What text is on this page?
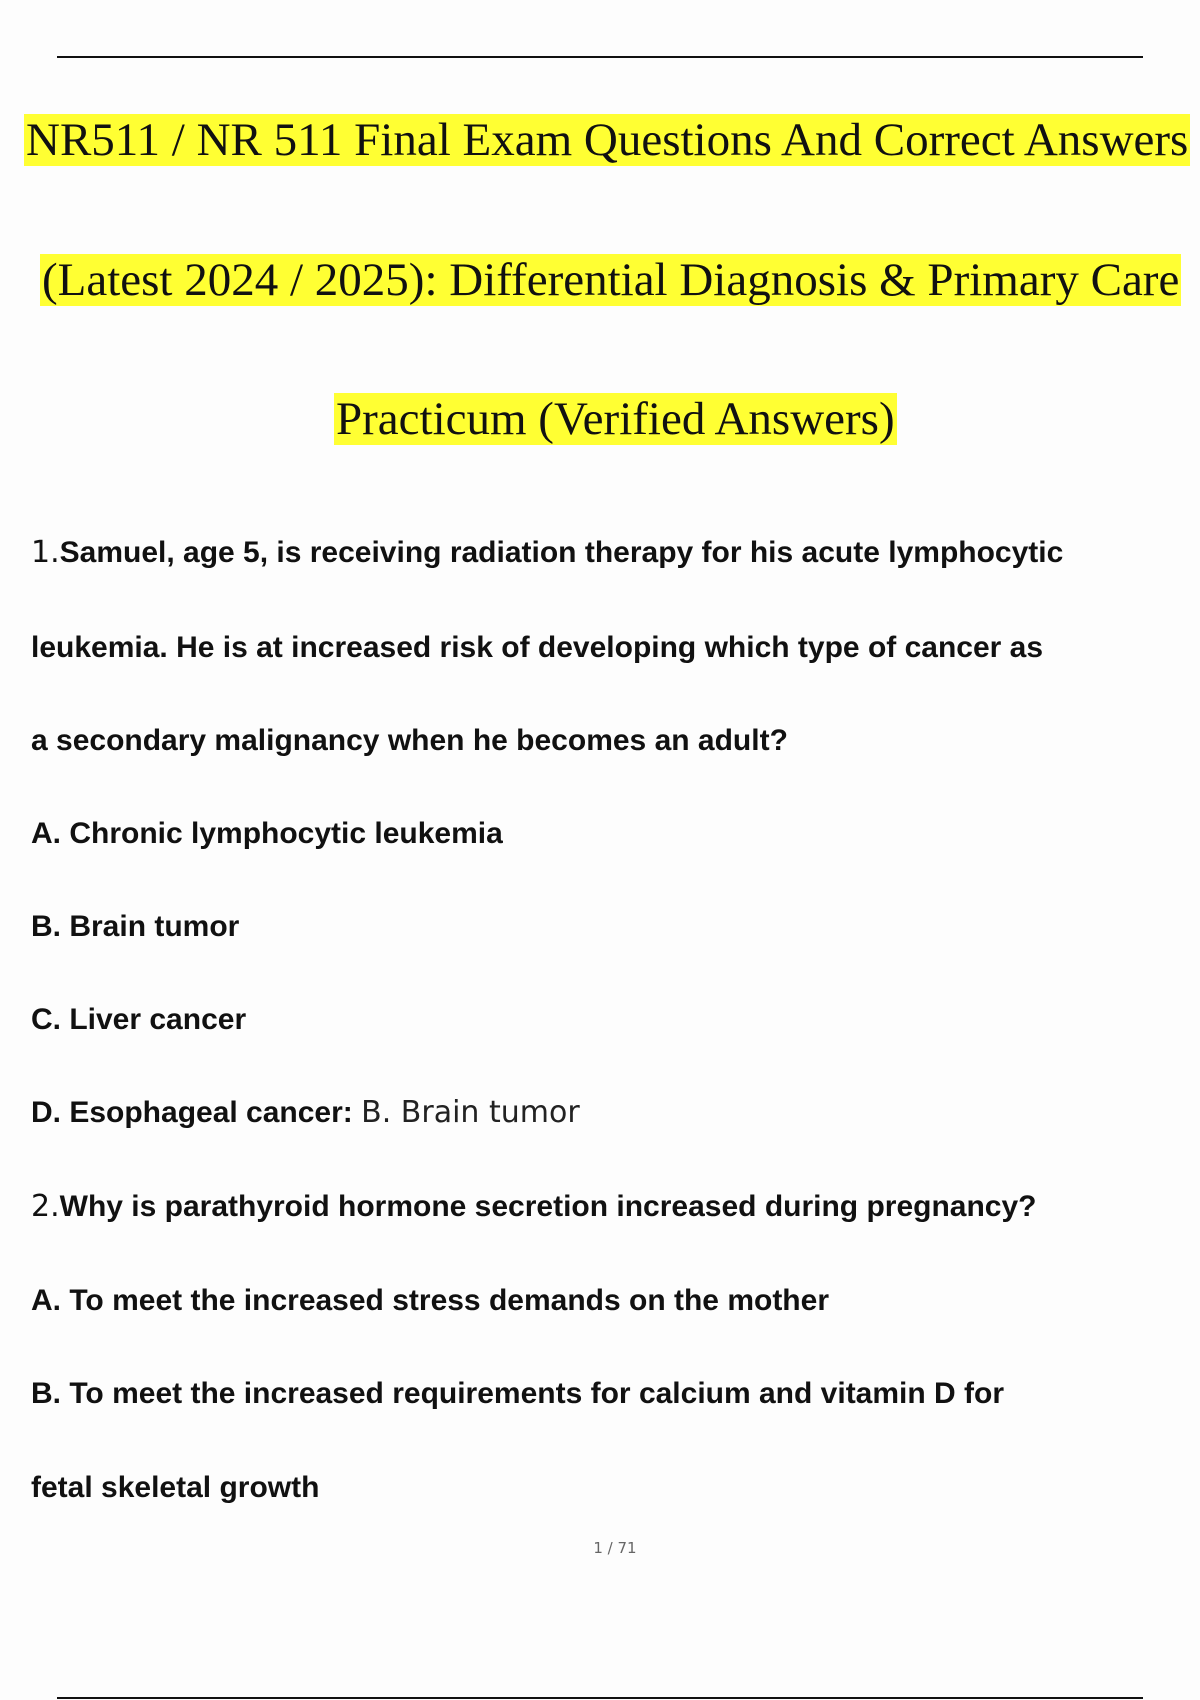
NR511 / NR 511 Final Exam Questions And Correct Answers
(Latest 2024 / 2025): Differential Diagnosis & Primary Care
Practicum (Verified Answers)
1.Samuel, age 5, is receiving radiation therapy for his acute lymphocytic
leukemia. He is at increased risk of developing which type of cancer as
a secondary malignancy when he becomes an adult?
A. Chronic lymphocytic leukemia
B. Brain tumor
C. Liver cancer
D. Esophageal cancer: B. Brain tumor
2.Why is parathyroid hormone secretion increased during pregnancy?
A. To meet the increased stress demands on the mother
B. To meet the increased requirements for calcium and vitamin D for
fetal skeletal growth
1 / 71
